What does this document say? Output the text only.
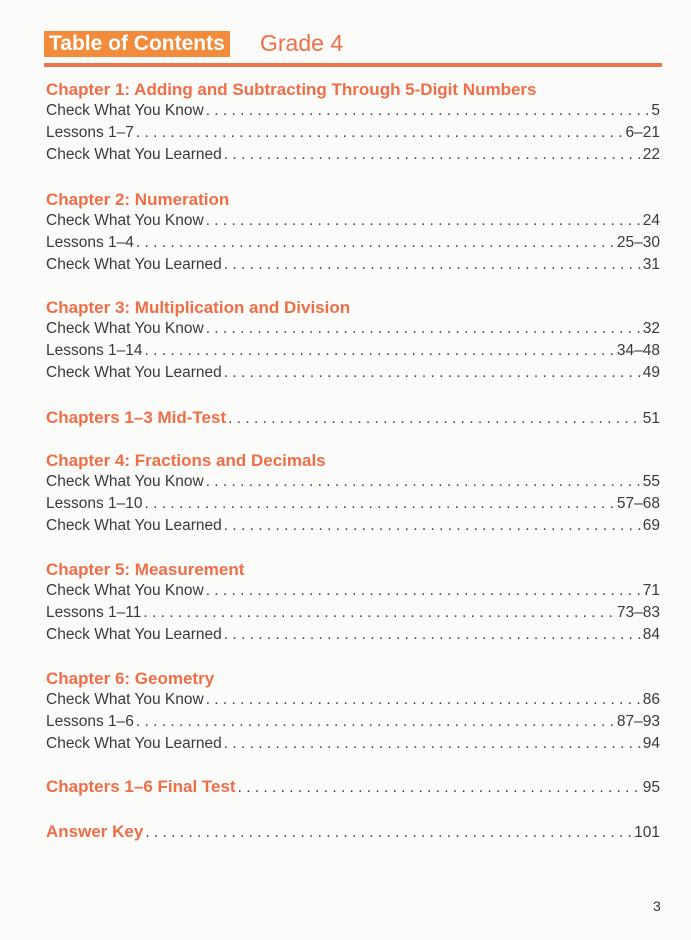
Table of Contents Grade 4
Chapter 1: Adding and Subtracting Through 5-Digit Numbers
Check What You Know . . .	5
Lessons 1–7 . . .	6–21
Check What You Learned . . .	22
Chapter 2: Numeration
Check What You Know . . .	24
Lessons 1–4 . . .	25–30
Check What You Learned . . .	31
Chapter 3: Multiplication and Division
Check What You Know . . .	32
Lessons 1–14 . . .	34–48
Check What You Learned . . .	49
Chapter 4: Fractions and Decimals
Check What You Know . . .	55
Lessons 1–10 . . .	57–68
Check What You Learned . . .	69
Chapter 5: Measurement
Check What You Know . . .	71
Lessons 1–11 . . .	73–83
Check What You Learned . . .	84
Chapter 6: Geometry
Check What You Know . . .	86
Lessons 1–6 . . .	87–93
Check What You Learned . . .	94
Chapters 1–3 Mid-Test . . .	51
Chapters 1–6 Final Test . . .	95
Answer Key . . .	101
3
